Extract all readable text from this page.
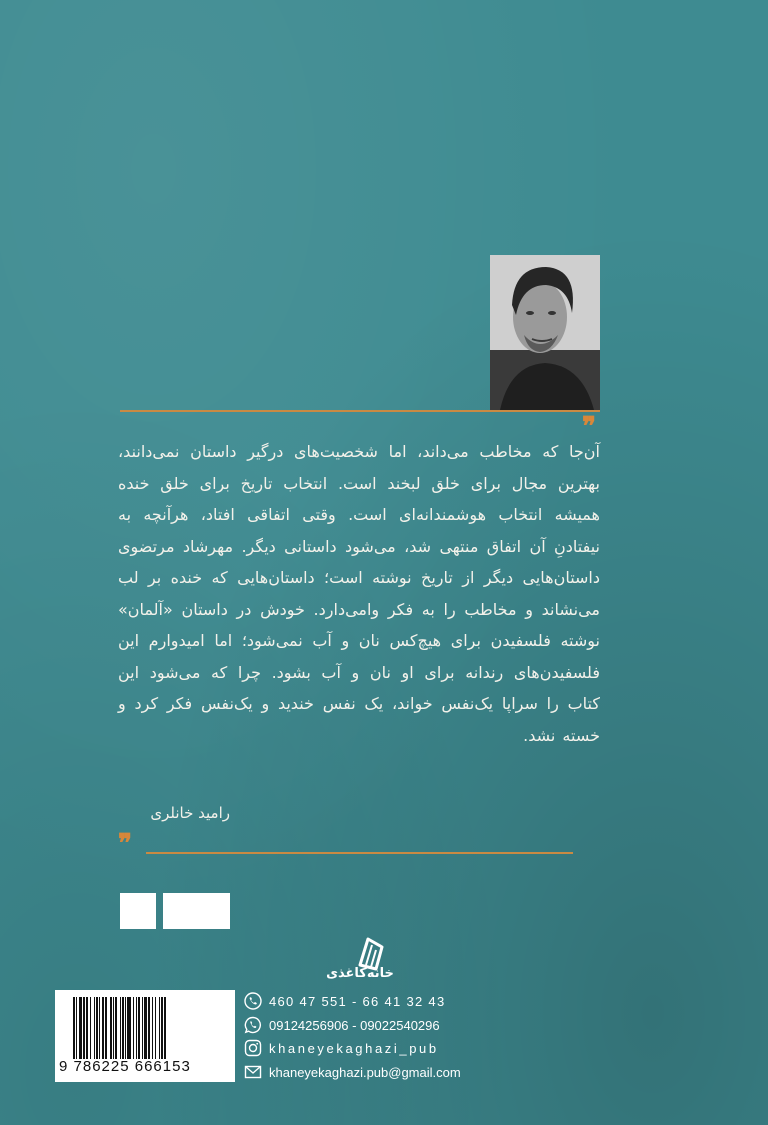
❞
آن‌جا که مخاطب می‌داند، اما شخصیت‌های درگیر داستان نمی‌دانند، بهترین مجال برای خلق لبخند است. انتخاب تاریخ برای خلق خنده همیشه انتخاب هوشمندانه‌ای است. وقتی اتفاقی افتاد، هرآنچه به نیفتادنِ آن اتفاق منتهی شد، می‌شود داستانی دیگر. مهرشاد مرتضوی داستان‌هایی دیگر از تاریخ نوشته است؛ داستان‌هایی که خنده بر لب می‌نشاند و مخاطب را به فکر وامی‌دارد. خودش در داستان «آلمان» نوشته فلسفیدن برای هیچ‌کس نان و آب نمی‌شود؛ اما امیدوارم این فلسفیدن‌های رندانه برای او نان و آب بشود. چرا که می‌شود این کتاب را سراپا یک‌نفس خواند، یک نفس خندید و یک‌نفس فکر کرد و خسته نشد.
رامید خانلری
❞
خانه‌کاغذی
9 786225 666153
460 47 551 - 66 41 32 43
09124256906 - 09022540296
khaneyekaghazi_pub
khaneyekaghazi.pub@gmail.com
